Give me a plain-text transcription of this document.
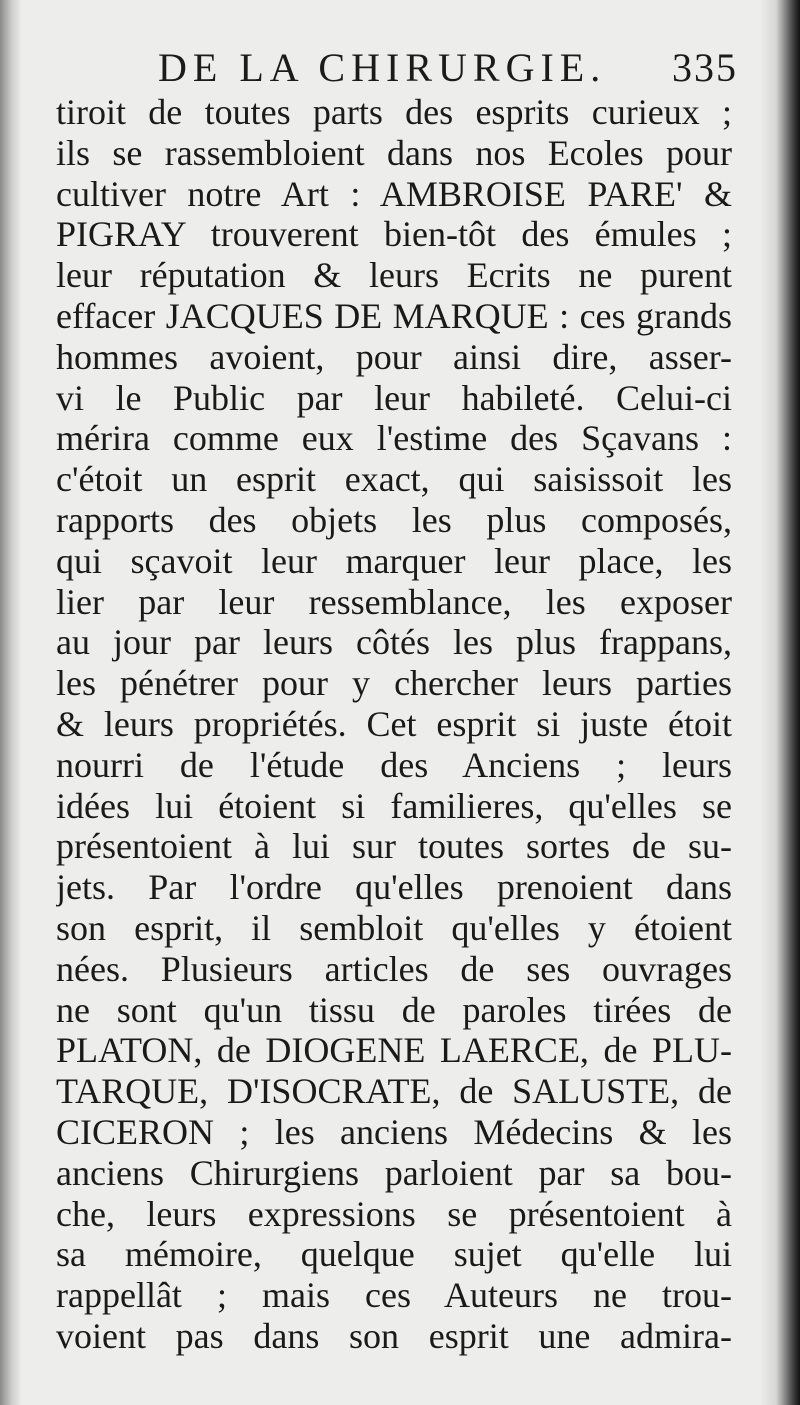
DE LA CHIRURGIE. 335
tiroit de toutes parts des esprits curieux ;
ils se rassembloient dans nos Ecoles pour
cultiver notre Art : AMBROISE PARE' &
PIGRAY trouverent bien-tôt des émules ;
leur réputation & leurs Ecrits ne purent
effacer JACQUES DE MARQUE : ces grands
hommes avoient, pour ainsi dire, asser-
vi le Public par leur habileté. Celui-ci
mérira comme eux l'estime des Sçavans :
c'étoit un esprit exact, qui saisissoit les
rapports des objets les plus composés,
qui sçavoit leur marquer leur place, les
lier par leur ressemblance, les exposer
au jour par leurs côtés les plus frappans,
les pénétrer pour y chercher leurs parties
& leurs propriétés. Cet esprit si juste étoit
nourri de l'étude des Anciens ; leurs
idées lui étoient si familieres, qu'elles se
présentoient à lui sur toutes sortes de su-
jets. Par l'ordre qu'elles prenoient dans
son esprit, il sembloit qu'elles y étoient
nées. Plusieurs articles de ses ouvrages
ne sont qu'un tissu de paroles tirées de
PLATON, de DIOGENE LAERCE, de PLU-
TARQUE, D'ISOCRATE, de SALUSTE, de
CICERON ; les anciens Médecins & les
anciens Chirurgiens parloient par sa bou-
che, leurs expressions se présentoient à
sa mémoire, quelque sujet qu'elle lui
rappellât ; mais ces Auteurs ne trou-
voient pas dans son esprit une admira-
